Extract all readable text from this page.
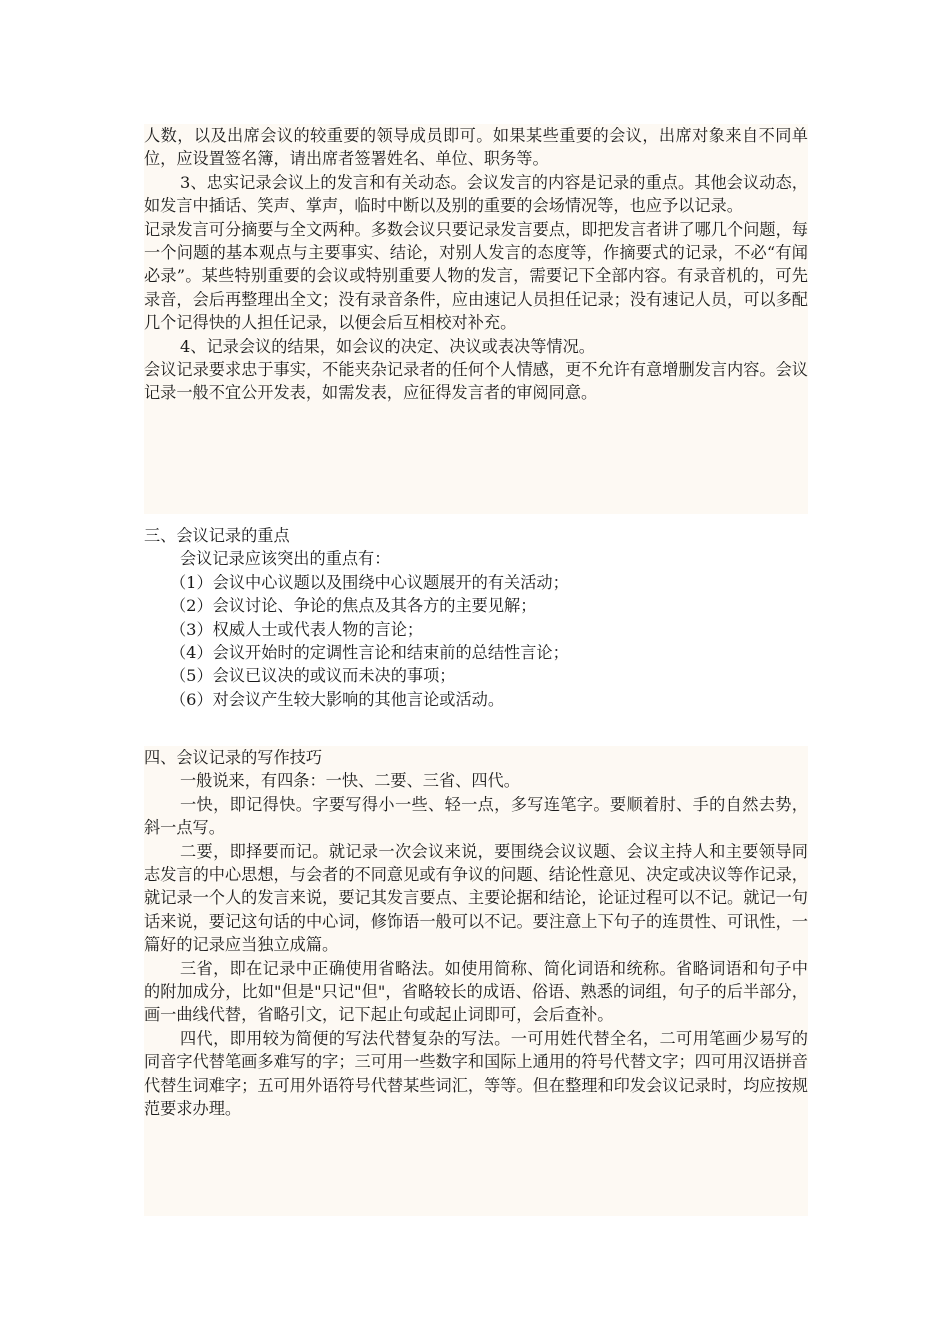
人数，以及出席会议的较重要的领导成员即可。如果某些重要的会议，出席对象来自不同单位，应设置签名簿，请出席者签署姓名、单位、职务等。

3、忠实记录会议上的发言和有关动态。会议发言的内容是记录的重点。其他会议动态，如发言中插话、笑声、掌声，临时中断以及别的重要的会场情况等，也应予以记录。

记录发言可分摘要与全文两种。多数会议只要记录发言要点，即把发言者讲了哪几个问题，每一个问题的基本观点与主要事实、结论，对别人发言的态度等，作摘要式的记录，不必“有闻必录”。某些特别重要的会议或特别重要人物的发言，需要记下全部内容。有录音机的，可先录音，会后再整理出全文；没有录音条件，应由速记人员担任记录；没有速记人员，可以多配几个记得快的人担任记录，以便会后互相校对补充。

4、记录会议的结果，如会议的决定、决议或表决等情况。

会议记录要求忠于事实，不能夹杂记录者的任何个人情感，更不允许有意增删发言内容。会议记录一般不宜公开发表，如需发表，应征得发言者的审阅同意。

三、会议记录的重点

会议记录应该突出的重点有：

（1）会议中心议题以及围绕中心议题展开的有关活动；

（2）会议讨论、争论的焦点及其各方的主要见解；

（3）权威人士或代表人物的言论；

（4）会议开始时的定调性言论和结束前的总结性言论；

（5）会议已议决的或议而未决的事项；

（6）对会议产生较大影响的其他言论或活动。

四、会议记录的写作技巧

一般说来，有四条：一快、二要、三省、四代。

一快，即记得快。字要写得小一些、轻一点，多写连笔字。要顺着肘、手的自然去势，斜一点写。

二要，即择要而记。就记录一次会议来说，要围绕会议议题、会议主持人和主要领导同志发言的中心思想，与会者的不同意见或有争议的问题、结论性意见、决定或决议等作记录，就记录一个人的发言来说，要记其发言要点、主要论据和结论，论证过程可以不记。就记一句话来说，要记这句话的中心词，修饰语一般可以不记。要注意上下句子的连贯性、可讯性，一篇好的记录应当独立成篇。

三省，即在记录中正确使用省略法。如使用简称、简化词语和统称。省略词语和句子中的附加成分，比如"但是"只记"但"，省略较长的成语、俗语、熟悉的词组，句子的后半部分，画一曲线代替，省略引文，记下起止句或起止词即可，会后查补。

四代，即用较为简便的写法代替复杂的写法。一可用姓代替全名，二可用笔画少易写的同音字代替笔画多难写的字；三可用一些数字和国际上通用的符号代替文字；四可用汉语拼音代替生词难字；五可用外语符号代替某些词汇，等等。但在整理和印发会议记录时，均应按规范要求办理。
